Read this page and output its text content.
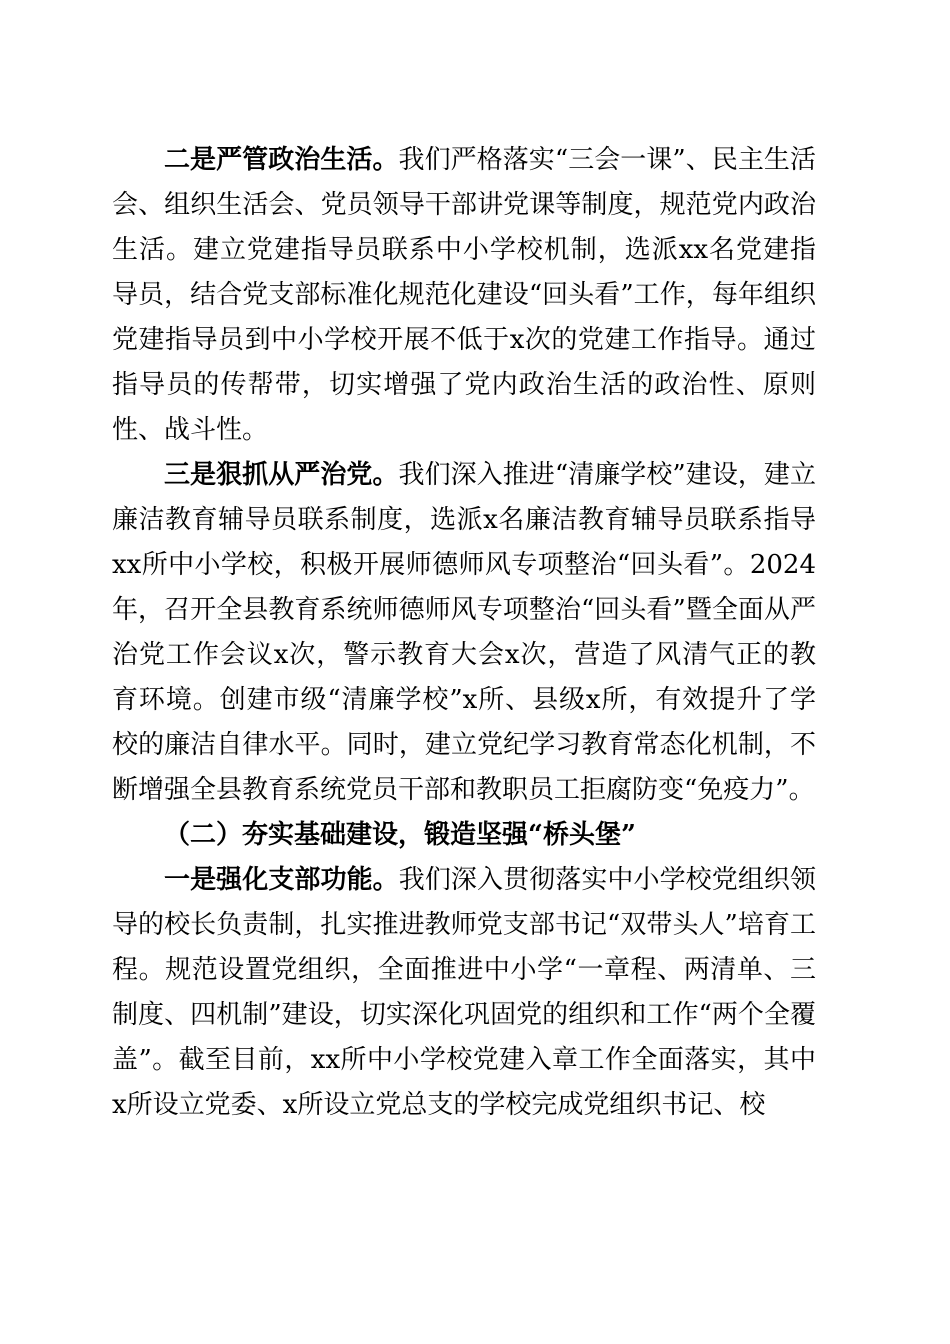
二是严管政治生活。我们严格落实“三会一课”、民主生活会、组织生活会、党员领导干部讲党课等制度，规范党内政治生活。建立党建指导员联系中小学校机制，选派xx名党建指导员，结合党支部标准化规范化建设“回头看”工作，每年组织党建指导员到中小学校开展不低于x次的党建工作指导。通过指导员的传帮带，切实增强了党内政治生活的政治性、原则性、战斗性。

三是狠抓从严治党。我们深入推进“清廉学校”建设，建立廉洁教育辅导员联系制度，选派x名廉洁教育辅导员联系指导xx所中小学校，积极开展师德师风专项整治“回头看”。2024年，召开全县教育系统师德师风专项整治“回头看”暨全面从严治党工作会议x次，警示教育大会x次，营造了风清气正的教育环境。创建市级“清廉学校”x所、县级x所，有效提升了学校的廉洁自律水平。同时，建立党纪学习教育常态化机制，不断增强全县教育系统党员干部和教职员工拒腐防变“免疫力”。

（二）夯实基础建设，锻造坚强“桥头堡”

一是强化支部功能。我们深入贯彻落实中小学校党组织领导的校长负责制，扎实推进教师党支部书记“双带头人”培育工程。规范设置党组织，全面推进中小学“一章程、两清单、三制度、四机制”建设，切实深化巩固党的组织和工作“两个全覆盖”。截至目前，xx所中小学校党建入章工作全面落实，其中x所设立党委、x所设立党总支的学校完成党组织书记、校
